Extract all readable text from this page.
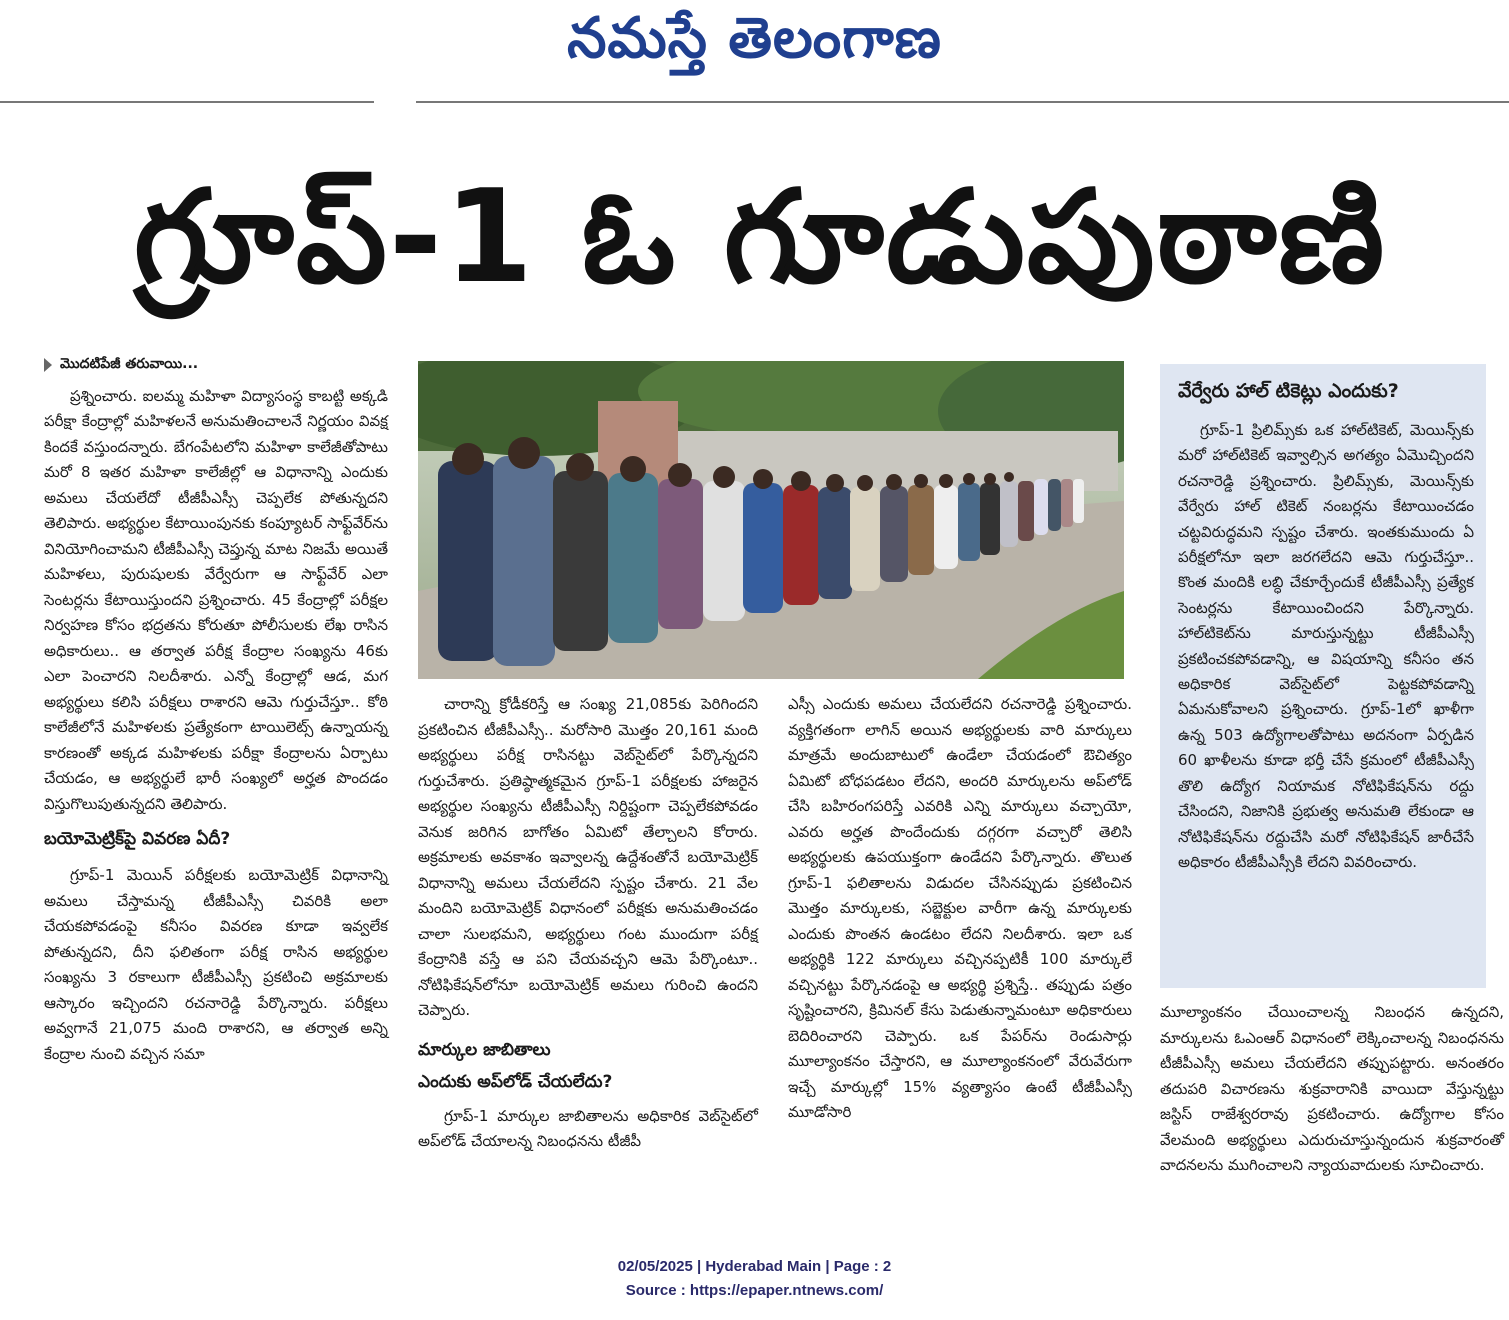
నమస్తే తెలంగాణ
గ్రూప్-1 ఓ గూడుపుఠాణి
మొదటిపేజీ తరువాయి...

ప్రశ్నించారు. ఐలమ్మ మహిళా విద్యాసంస్థ కాబట్టి అక్కడి పరీక్షా కేంద్రాల్లో మహిళలనే అనుమతించాలనే నిర్ణయం వివక్ష కిందకే వస్తుందన్నారు. బేగంపేటలోని మహిళా కాలేజీతోపాటు మరో 8 ఇతర మహిళా కాలేజీల్లో ఆ విధానాన్ని ఎందుకు అమలు చేయలేదో టీజీపీఎస్సీ చెప్పలేక పోతున్నదని తెలిపారు. అభ్యర్థుల కేటాయింపునకు కంప్యూటర్ సాఫ్ట్‌వేర్‌ను వినియోగించామని టీజీపీఎస్సీ చెప్తున్న మాట నిజమే అయితే మహిళలు, పురుషులకు వేర్వేరుగా ఆ సాఫ్ట్‌వేర్ ఎలా సెంటర్లను కేటాయిస్తుందని ప్రశ్నించారు. 45 కేంద్రాల్లో పరీక్షల నిర్వహణ కోసం భద్రతను కోరుతూ పోలీసులకు లేఖ రాసిన అధికారులు.. ఆ తర్వాత పరీక్ష కేంద్రాల సంఖ్యను 46కు ఎలా పెంచారని నిలదీశారు. ఎన్నో కేంద్రాల్లో ఆడ, మగ అభ్యర్థులు కలిసి పరీక్షలు రాశారని ఆమె గుర్తుచేస్తూ.. కోఠి కాలేజీలోనే మహిళలకు ప్రత్యేకంగా టాయిలెట్స్ ఉన్నాయన్న కారణంతో అక్కడ మహిళలకు పరీక్షా కేంద్రాలను ఏర్పాటు చేయడం, ఆ అభ్యర్థులే భారీ సంఖ్యలో అర్హత పొందడం విస్తుగొలుపుతున్నదని తెలిపారు.

బయోమెట్రిక్‌పై వివరణ ఏదీ?

గ్రూప్-1 మెయిన్ పరీక్షలకు బయోమెట్రిక్ విధానాన్ని అమలు చేస్తామన్న టీజీపీఎస్సీ చివరికి అలా చేయకపోవడంపై కనీసం వివరణ కూడా ఇవ్వలేక పోతున్నదని, దీని ఫలితంగా పరీక్ష రాసిన అభ్యర్థుల సంఖ్యను 3 రకాలుగా టీజీపీఎస్సీ ప్రకటించి అక్రమాలకు ఆస్కారం ఇచ్చిందని రచనారెడ్డి పేర్కొన్నారు. పరీక్షలు అవ్వగానే 21,075 మంది రాశారని, ఆ తర్వాత అన్ని కేంద్రాల నుంచి వచ్చిన సమా

చారాన్ని క్రోడీకరిస్తే ఆ సంఖ్య 21,085కు పెరిగిందని ప్రకటించిన టీజీపీఎస్సీ.. మరోసారి మొత్తం 20,161 మంది అభ్యర్థులు పరీక్ష రాసినట్టు వెబ్‌సైట్‌లో పేర్కొన్నదని గుర్తుచేశారు. ప్రతిష్ఠాత్మకమైన గ్రూప్-1 పరీక్షలకు హాజరైన అభ్యర్థుల సంఖ్యను టీజీపీఎస్సీ నిర్దిష్టంగా చెప్పలేకపోవడం వెనుక జరిగిన బాగోతం ఏమిటో తేల్చాలని కోరారు. అక్రమాలకు అవకాశం ఇవ్వాలన్న ఉద్దేశంతోనే బయోమెట్రిక్ విధానాన్ని అమలు చేయలేదని స్పష్టం చేశారు. 21 వేల మందిని బయోమెట్రిక్ విధానంలో పరీక్షకు అనుమతించడం చాలా సులభమని, అభ్యర్థులు గంట ముందుగా పరీక్ష కేంద్రానికి వస్తే ఆ పని చేయవచ్చని ఆమె పేర్కొంటూ.. నోటిఫికేషన్‌లోనూ బయోమెట్రిక్ అమలు గురించి ఉందని చెప్పారు.

మార్కుల జాబితాలు
ఎందుకు అప్‌లోడ్ చేయలేదు?

గ్రూప్-1 మార్కుల జాబితాలను అధికారిక వెబ్‌సైట్‌లో అప్‌లోడ్ చేయాలన్న నిబంధనను టీజీపీ

ఎస్సీ ఎందుకు అమలు చేయలేదని రచనారెడ్డి ప్రశ్నించారు. వ్యక్తిగతంగా లాగిన్ అయిన అభ్యర్థులకు వారి మార్కులు మాత్రమే అందుబాటులో ఉండేలా చేయడంలో ఔచిత్యం ఏమిటో బోధపడటం లేదని, అందరి మార్కులను అప్‌లోడ్ చేసి బహిరంగపరిస్తే ఎవరికి ఎన్ని మార్కులు వచ్చాయో, ఎవరు అర్హత పొందేందుకు దగ్గరగా వచ్చారో తెలిసి అభ్యర్థులకు ఉపయుక్తంగా ఉండేదని పేర్కొన్నారు. తొలుత గ్రూప్-1 ఫలితాలను విడుదల చేసినప్పుడు ప్రకటించిన మొత్తం మార్కులకు, సబ్జెక్టుల వారీగా ఉన్న మార్కులకు ఎందుకు పొంతన ఉండటం లేదని నిలదీశారు. ఇలా ఒక అభ్యర్థికి 122 మార్కులు వచ్చినప్పటికీ 100 మార్కులే వచ్చినట్టు పేర్కొనడంపై ఆ అభ్యర్థి ప్రశ్నిస్తే.. తప్పుడు పత్రం సృష్టించారని, క్రిమినల్ కేసు పెడుతున్నామంటూ అధికారులు బెదిరించారని చెప్పారు. ఒక పేపర్‌ను రెండుసార్లు మూల్యాంకనం చేస్తారని, ఆ మూల్యాంకనంలో వేరువేరుగా ఇచ్చే మార్కుల్లో 15% వ్యత్యాసం ఉంటే టీజీపీఎస్సీ మూడోసారి

వేర్వేరు హాల్ టికెట్లు ఎందుకు?

గ్రూప్-1 ప్రిలిమ్స్‌కు ఒక హాల్‌టికెట్, మెయిన్స్‌కు మరో హాల్‌టికెట్ ఇవ్వాల్సిన అగత్యం ఏమొచ్చిందని రచనారెడ్డి ప్రశ్నించారు. ప్రిలిమ్స్‌కు, మెయిన్స్‌కు వేర్వేరు హాల్ టికెట్ నంబర్లను కేటాయించడం చట్టవిరుద్ధమని స్పష్టం చేశారు. ఇంతకుముందు ఏ పరీక్షలోనూ ఇలా జరగలేదని ఆమె గుర్తుచేస్తూ.. కొంత మందికి లబ్ధి చేకూర్చేందుకే టీజీపీఎస్సీ ప్రత్యేక సెంటర్లను కేటాయించిందని పేర్కొన్నారు. హాల్‌టికెట్‌ను మారుస్తున్నట్టు టీజీపీఎస్సీ ప్రకటించకపోవడాన్ని, ఆ విషయాన్ని కనీసం తన అధికారిక వెబ్‌సైట్‌లో పెట్టకపోవడాన్ని ఏమనుకోవాలని ప్రశ్నించారు. గ్రూప్-1లో ఖాళీగా ఉన్న 503 ఉద్యోగాలతోపాటు అదనంగా ఏర్పడిన 60 ఖాళీలను కూడా భర్తీ చేసే క్రమంలో టీజీపీఎస్సీ తొలి ఉద్యోగ నియామక నోటిఫికేషన్‌ను రద్దు చేసిందని, నిజానికి ప్రభుత్వ అనుమతి లేకుండా ఆ నోటిఫికేషన్‌ను రద్దుచేసి మరో నోటిఫికేషన్ జారీచేసే అధికారం టీజీపీఎస్సీకి లేదని వివరించారు.

మూల్యాంకనం చేయించాలన్న నిబంధన ఉన్నదని, మార్కులను ఓఎంఆర్ విధానంలో లెక్కించాలన్న నిబంధనను టీజీపీఎస్సీ అమలు చేయలేదని తప్పుపట్టారు. అనంతరం తదుపరి విచారణను శుక్రవారానికి వాయిదా వేస్తున్నట్టు జస్టిస్ రాజేశ్వరరావు ప్రకటించారు. ఉద్యోగాల కోసం వేలమంది అభ్యర్థులు ఎదురుచూస్తున్నందున శుక్రవారంతో వాదనలను ముగించాలని న్యాయవాదులకు సూచించారు.

02/05/2025 | Hyderabad Main | Page : 2
Source : https://epaper.ntnews.com/
